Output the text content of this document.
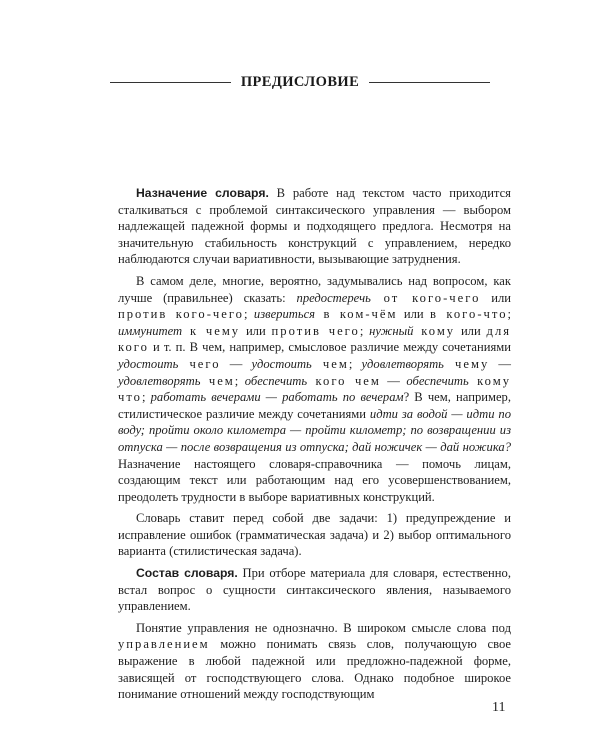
ПРЕДИСЛОВИЕ

Назначение словаря. В работе над текстом часто приходится сталкиваться с проблемой синтаксического управления — выбором надлежащей падежной формы и подходящего предлога. Несмотря на значительную стабильность конструкций с управлением, нередко наблюдаются случаи вариативности, вызывающие затруднения.

В самом деле, многие, вероятно, задумывались над вопросом, как лучше (правильнее) сказать: предостеречь от кого-чего или против кого-чего; извериться в ком-чём или в кого-что; иммунитет к чему или против чего; нужный кому или для кого и т. п. В чем, например, смысловое различие между сочетаниями удостоить чего — удостоить чем; удовлетворять чему — удовлетворять чем; обеспечить кого чем — обеспечить кому что; работать вечерами — работать по вечерам? В чем, например, стилистическое различие между сочетаниями идти за водой — идти по воду; пройти около километра — пройти километр; по возвращении из отпуска — после возвращения из отпуска; дай ножичек — дай ножика? Назначение настоящего словаря-справочника — помочь лицам, создающим текст или работающим над его усовершенствованием, преодолеть трудности в выборе вариативных конструкций.

Словарь ставит перед собой две задачи: 1) предупреждение и исправление ошибок (грамматическая задача) и 2) выбор оптимального варианта (стилистическая задача).

Состав словаря. При отборе материала для словаря, естественно, встал вопрос о сущности синтаксического явления, называемого управлением.

Понятие управления не однозначно. В широком смысле слова под управлением можно понимать связь слов, получающую свое выражение в любой падежной или предложно-падежной форме, зависящей от господствующего слова. Однако подобное широкое понимание отношений между господствующим

11
